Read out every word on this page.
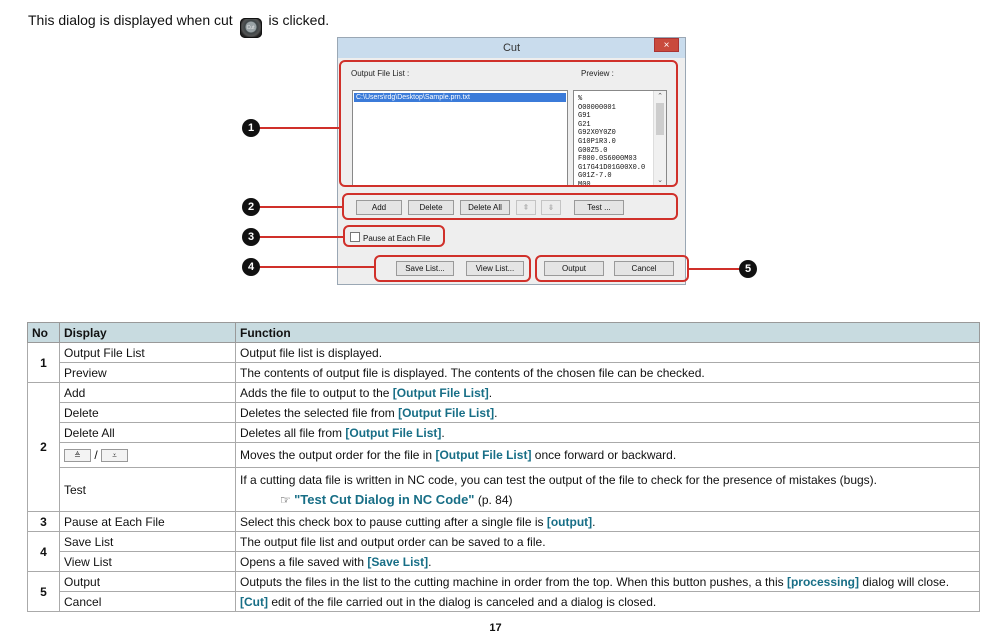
This dialog is displayed when cut	Cut	is clicked.
Cut	×
Output File List :	Preview :
C:\Users\rdg\Desktop\Sample.prn.txt	%
O00000001
G91
G21
G92X0Y0Z0
G10P1R3.0
G00Z5.0
F800.0S6000M03
G17G41D01G00X0.0
G01Z-7.0
M00
⌃
⌄
Add	Delete	Delete All	⇞	⇟	Test ...
Pause at Each File
Save List...	View List...	Output	Cancel
1
2
3
4	5
No	Display	Function
1	Output File List	Output file list is displayed.
	Preview	The contents of output file is displayed. The contents of the chosen file can be checked.
2	Add	Adds the file to output to the [Output File List].
	Delete	Deletes the selected file from [Output File List].
	Delete All	Deletes all file from [Output File List].
	≜ / ⩡	Moves the output order for the file in [Output File List] once forward or backward.
	Test	If a cutting data file is written in NC code, you can test the output of the file to check for the presence of mistakes (bugs).
☞ "Test Cut Dialog in NC Code" (p. 84)

3	Pause at Each File	Select this check box to pause cutting after a single file is [output].
4	Save List	The output file list and output order can be saved to a file.
	View List	Opens a file saved with [Save List].
5	Output	Outputs the files in the list to the cutting machine in order from the top. When this button pushes, a this [processing] dialog will close.
	Cancel	[Cut] edit of the file carried out in the dialog is canceled and a dialog is closed.
17
